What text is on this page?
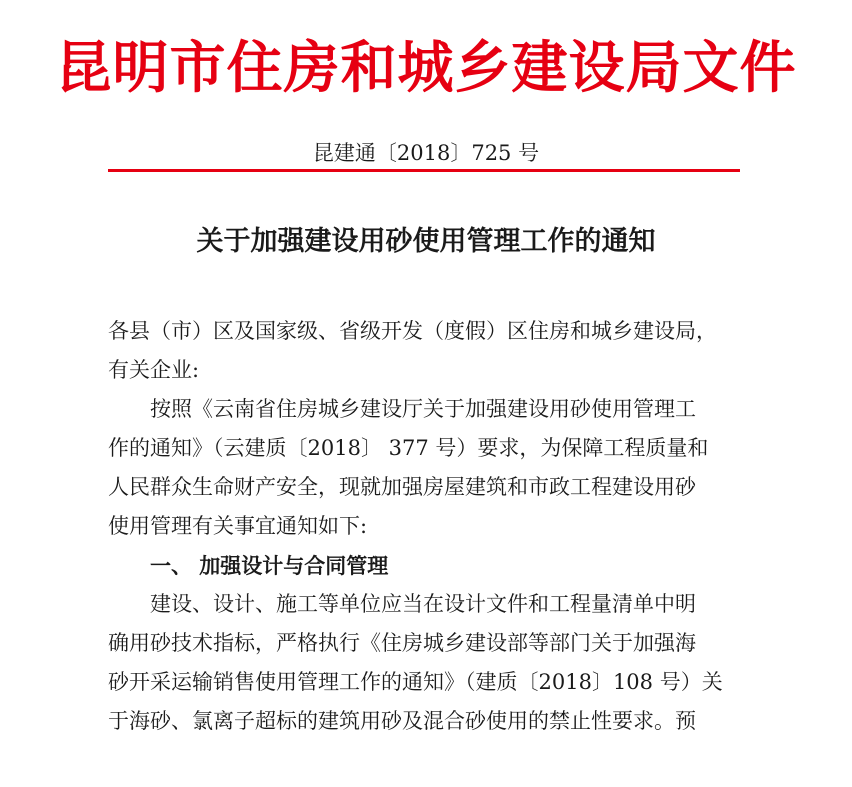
昆明市住房和城乡建设局文件
昆建通〔2018〕725 号
关于加强建设用砂使用管理工作的通知
各县（市）区及国家级、省级开发（度假）区住房和城乡建设局，
有关企业:
　　按照《云南省住房城乡建设厅关于加强建设用砂使用管理工
作的通知》（云建质〔2018〕 377 号）要求，为保障工程质量和
人民群众生命财产安全，现就加强房屋建筑和市政工程建设用砂
使用管理有关事宜通知如下:
　　一、 加强设计与合同管理
　　建设、设计、施工等单位应当在设计文件和工程量清单中明
确用砂技术指标，严格执行《住房城乡建设部等部门关于加强海
砂开采运输销售使用管理工作的通知》（建质〔2018〕108 号）关
于海砂、氯离子超标的建筑用砂及混合砂使用的禁止性要求。预
